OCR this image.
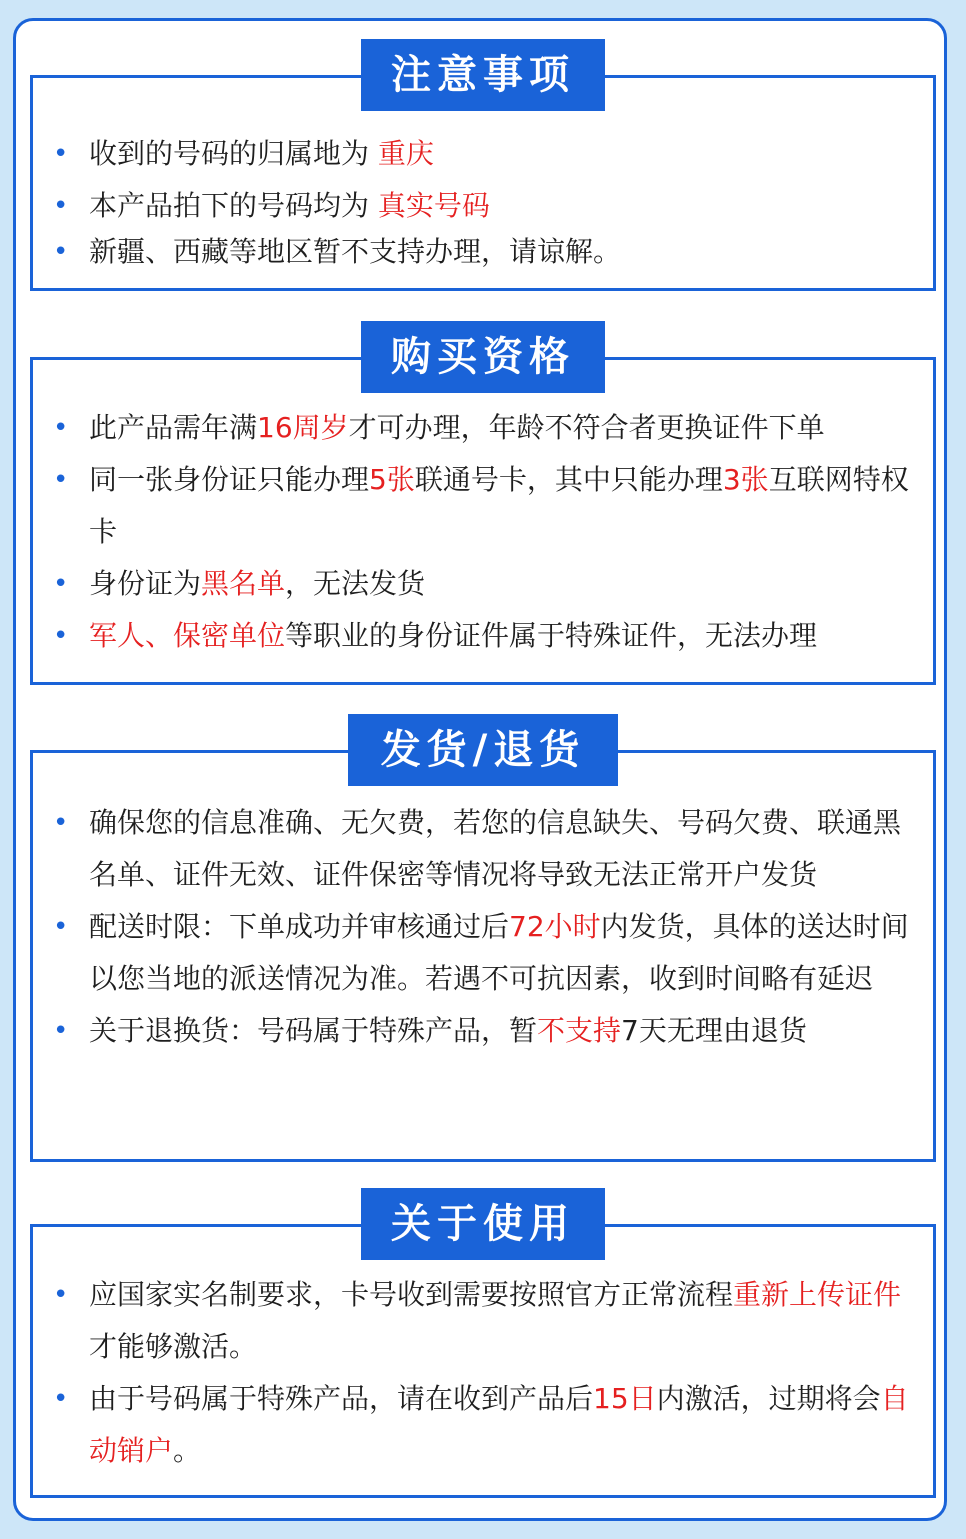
注意事项
• 收到的号码的归属地为 重庆
• 本产品拍下的号码均为 真实号码
• 新疆、西藏等地区暂不支持办理，请谅解。
购买资格
• 此产品需年满16周岁才可办理，年龄不符合者更换证件下单
• 同一张身份证只能办理5张联通号卡，其中只能办理3张互联网特权卡
• 身份证为黑名单，无法发货
• 军人、保密单位等职业的身份证件属于特殊证件，无法办理
发货/退货
• 确保您的信息准确、无欠费，若您的信息缺失、号码欠费、联通黑名单、证件无效、证件保密等情况将导致无法正常开户发货
• 配送时限：下单成功并审核通过后72小时内发货，具体的送达时间以您当地的派送情况为准。若遇不可抗因素，收到时间略有延迟
• 关于退换货：号码属于特殊产品，暂不支持7天无理由退货
关于使用
• 应国家实名制要求，卡号收到需要按照官方正常流程重新上传证件才能够激活。
• 由于号码属于特殊产品，请在收到产品后15日内激活，过期将会自动销户。
